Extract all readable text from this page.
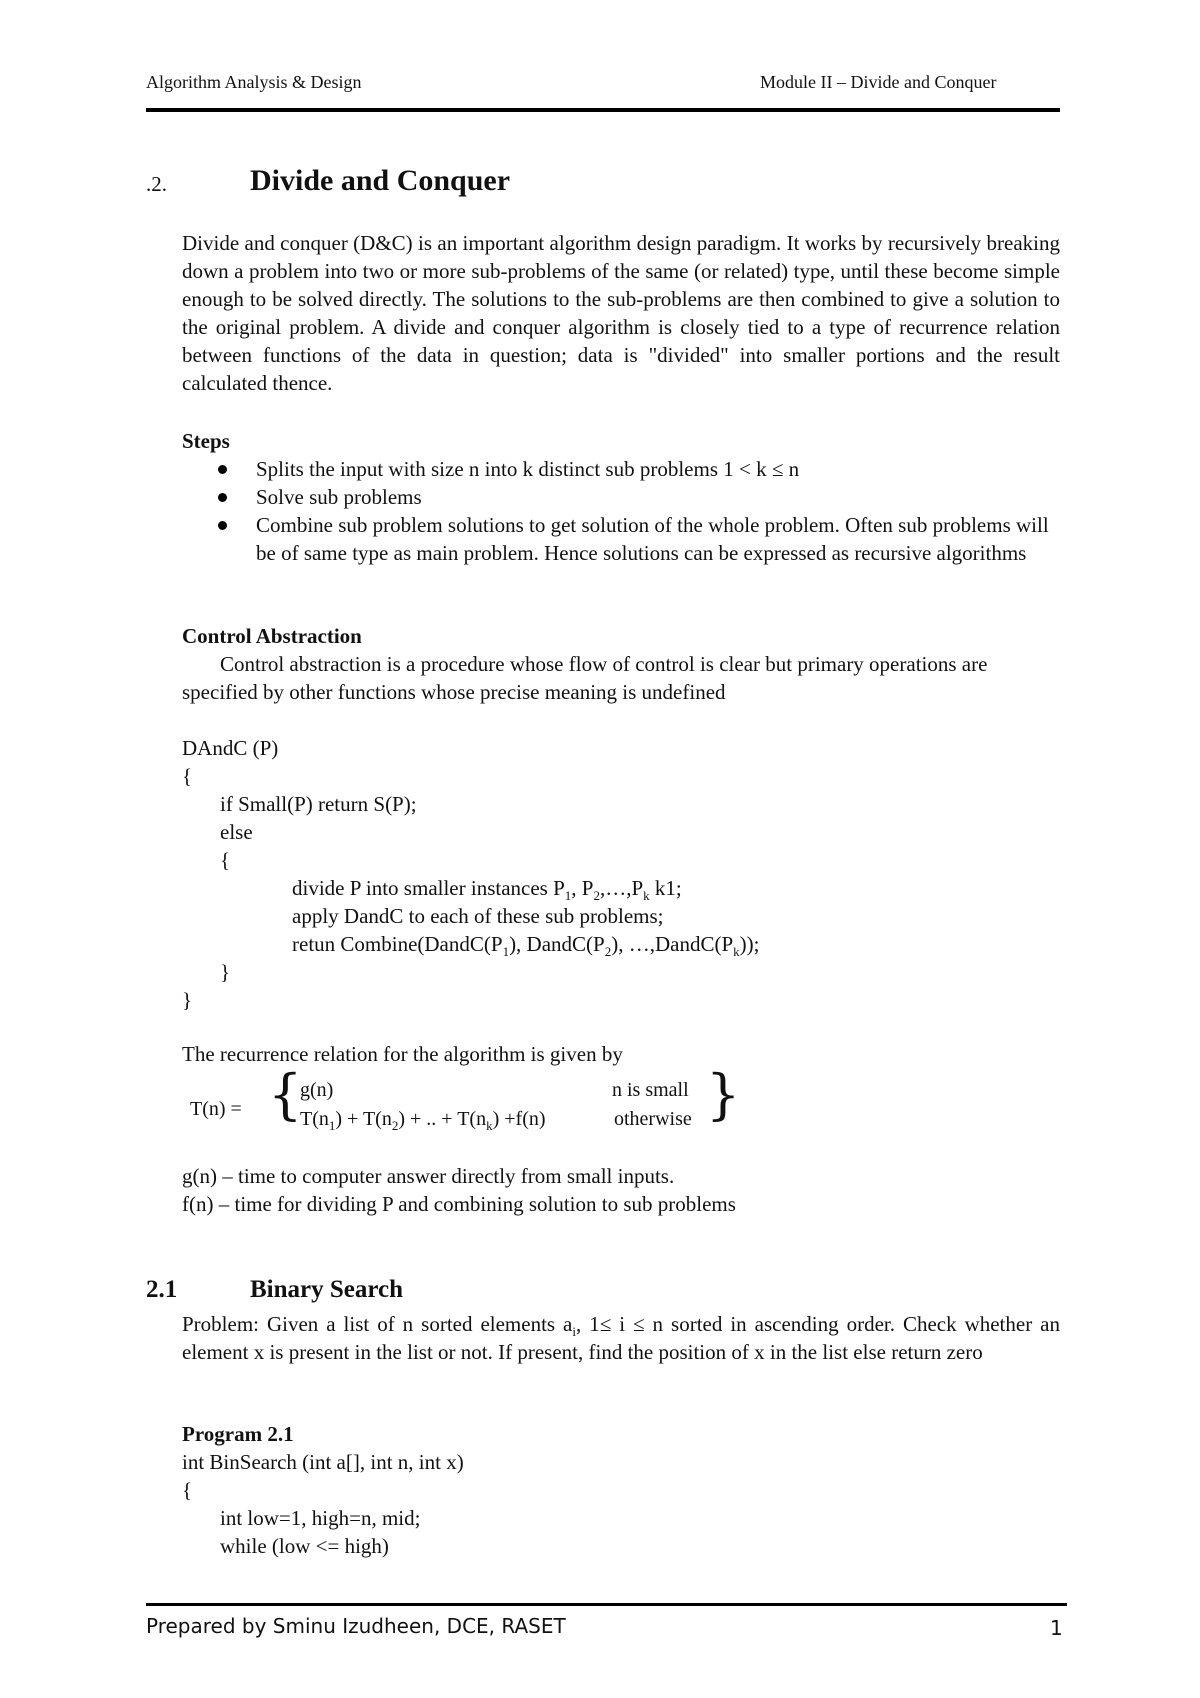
Algorithm Analysis & Design	Module II – Divide and Conquer
.2.	Divide and Conquer
Divide and conquer (D&C) is an important algorithm design paradigm. It works by recursively breaking down a problem into two or more sub-problems of the same (or related) type, until these become simple enough to be solved directly. The solutions to the sub-problems are then combined to give a solution to the original problem. A divide and conquer algorithm is closely tied to a type of recurrence relation between functions of the data in question; data is "divided" into smaller portions and the result calculated thence.
Steps
Splits the input with size n into k distinct sub problems 1 < k ≤ n
Solve sub problems
Combine sub problem solutions to get solution of the whole problem. Often sub problems will be of same type as main problem. Hence solutions can be expressed as recursive algorithms
Control Abstraction
Control abstraction is a procedure whose flow of control is clear but primary operations are specified by other functions whose precise meaning is undefined
DAndC (P)
{
if Small(P) return S(P);
else
{
divide P into smaller instances $P_1$, $P_2,\dots,P_k$ k1;
apply DandC to each of these sub problems;
retun $Combine(DandC(P_1)$, $DandC(P_2)$, $\dots,DandC(P_k)$);
}
}
The recurrence relation for the algorithm is given by
T(n) = {
g(n)	n is small
$T(n_1) + T(n_2)$ + .. + $T(n_k) +f(n)$	otherwise }
g(n) – time to computer answer directly from small inputs.
f(n) – time for dividing P and combining solution to sub problems
2.1	Binary Search
Problem: Given a list of n sorted elements $a_i$, 1≤ i ≤ n sorted in ascending order. Check whether an element x is present in the list or not. If present, find the position of x in the list else return zero
Program 2.1
int BinSearch (int a[], int n, int x)
{
int low=1, high=n, mid;
while (low <= high)
Prepared by Sminu Izudheen, DCE, RASET	1
